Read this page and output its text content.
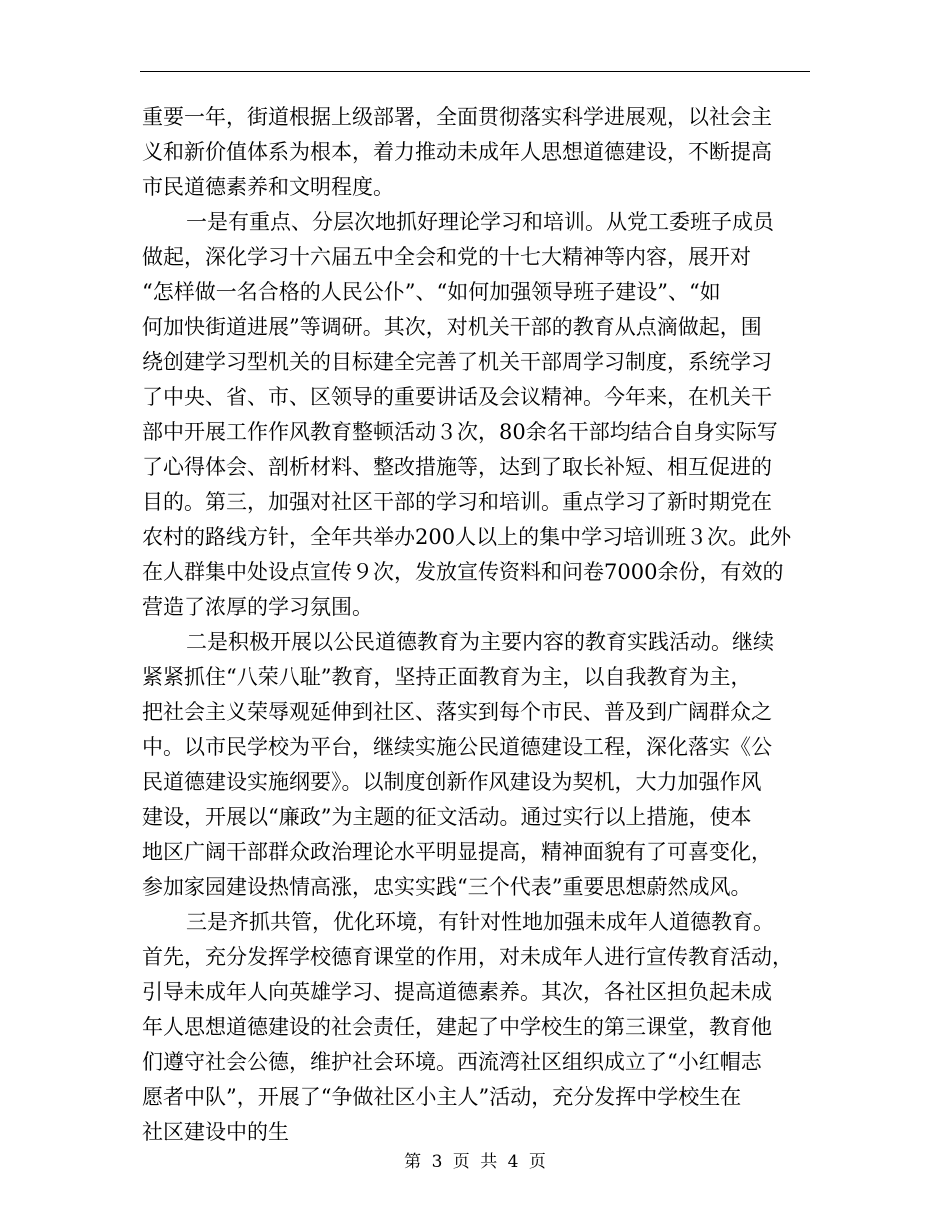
重要一年，街道根据上级部署，全面贯彻落实科学进展观，以社会主
义和新价值体系为根本，着力推动未成年人思想道德建设，不断提高
市民道德素养和文明程度。
一是有重点、分层次地抓好理论学习和培训。从党工委班子成员
做起，深化学习十六届五中全会和党的十七大精神等内容，展开对
“怎样做一名合格的人民公仆”、“如何加强领导班子建设”、“如
何加快街道进展”等调研。其次，对机关干部的教育从点滴做起，围
绕创建学习型机关的目标建全完善了机关干部周学习制度，系统学习
了中央、省、市、区领导的重要讲话及会议精神。今年来，在机关干
部中开展工作作风教育整顿活动３次，80余名干部均结合自身实际写
了心得体会、剖析材料、整改措施等，达到了取长补短、相互促进的
目的。第三，加强对社区干部的学习和培训。重点学习了新时期党在
农村的路线方针，全年共举办200人以上的集中学习培训班３次。此外
在人群集中处设点宣传９次，发放宣传资料和问卷7000余份，有效的
营造了浓厚的学习氛围。
二是积极开展以公民道德教育为主要内容的教育实践活动。继续
紧紧抓住“八荣八耻”教育，坚持正面教育为主，以自我教育为主，
把社会主义荣辱观延伸到社区、落实到每个市民、普及到广阔群众之
中。以市民学校为平台，继续实施公民道德建设工程，深化落实《公
民道德建设实施纲要》。以制度创新作风建设为契机，大力加强作风
建设，开展以“廉政”为主题的征文活动。通过实行以上措施，使本
地区广阔干部群众政治理论水平明显提高，精神面貌有了可喜变化，
参加家园建设热情高涨，忠实实践“三个代表”重要思想蔚然成风。
三是齐抓共管，优化环境，有针对性地加强未成年人道德教育。
首先，充分发挥学校德育课堂的作用，对未成年人进行宣传教育活动，
引导未成年人向英雄学习、提高道德素养。其次，各社区担负起未成
年人思想道德建设的社会责任，建起了中学校生的第三课堂，教育他
们遵守社会公德，维护社会环境。西流湾社区组织成立了“小红帽志
愿者中队”，开展了“争做社区小主人”活动，充分发挥中学校生在
社区建设中的生
第 3 页 共 4 页
